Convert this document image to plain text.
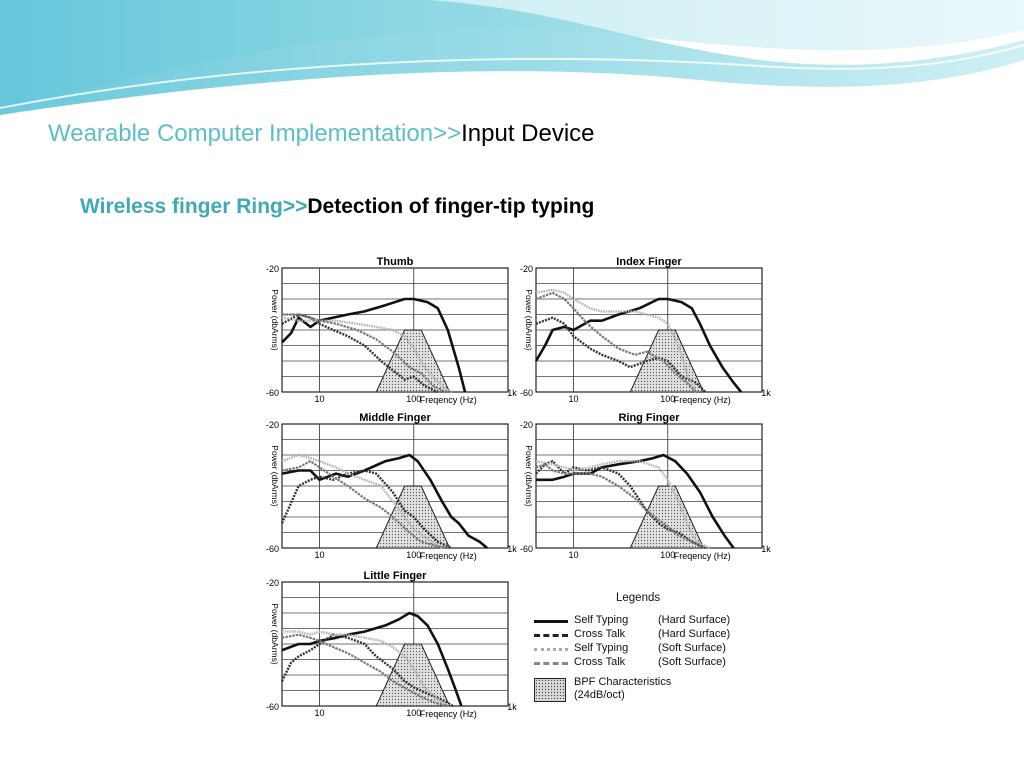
Wearable Computer Implementation>>Input Device
Wireless finger Ring>>Detection of finger-tip typing
Thumb
-20
-60
10	100
1k
Freqency (Hz)
Power (dbArms)
Index Finger
-20
-60
10	100
1k
Freqency (Hz)
Power (dbArms)
Middle Finger
-20
-60
10	100
1k
Freqency (Hz)
Power (dbArms)
Ring Finger
-20
-60
10	100
1k
Freqency (Hz)
Power (dbArms)
Little Finger
-20
-60
10	100
1k
Freqency (Hz)
Power (dbArms)
Legends
Self Typing	(Hard Surface)
Cross Talk	(Hard Surface)
Self Typing	(Soft Surface)
Cross Talk	(Soft Surface)
BPF Characteristics
(24dB/oct)
